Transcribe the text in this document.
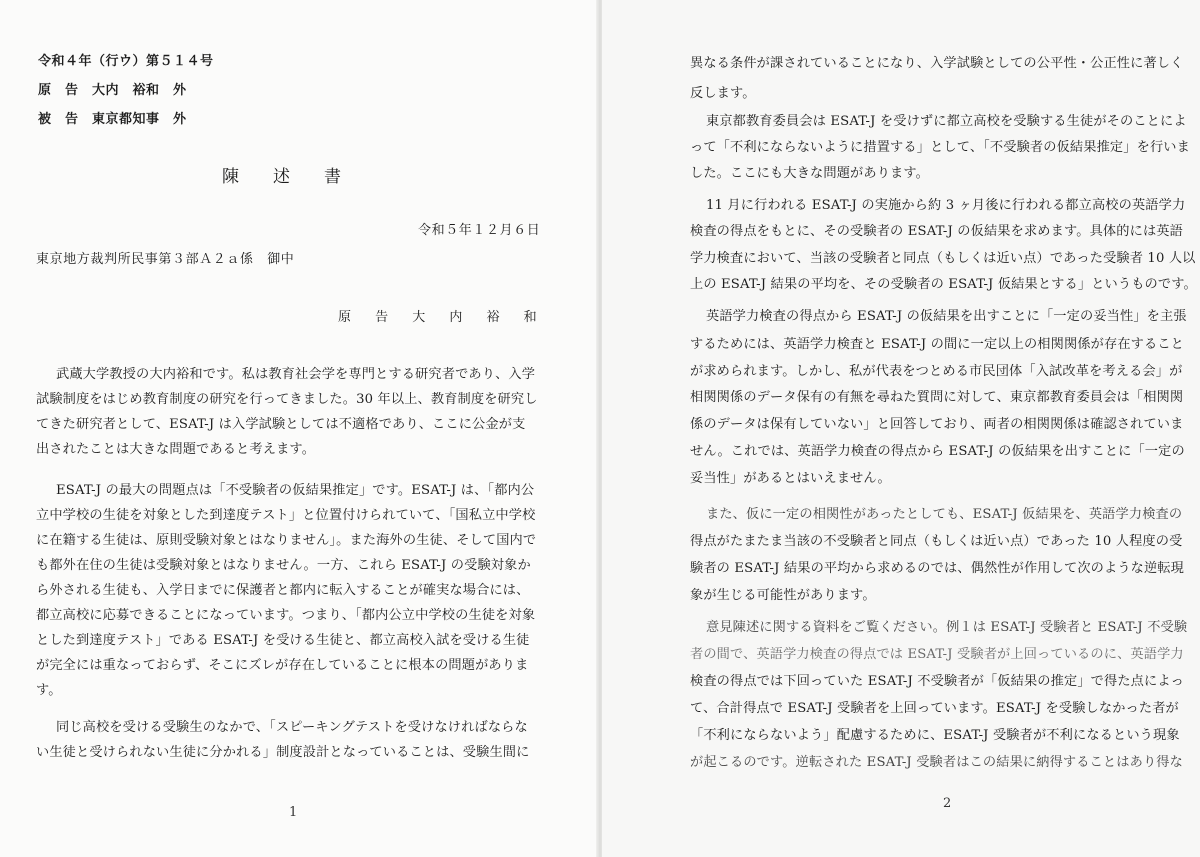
令和４年（行ウ）第５１４号
原　告　大内　裕和　外
被　告　東京都知事　外
陳述書
令和５年１２月６日
東京地方裁判所民事第３部Ａ２ａ係　御中
原 告 大 内 裕 和
武蔵大学教授の大内裕和です。私は教育社会学を専門とする研究者であり、入学
試験制度をはじめ教育制度の研究を行ってきました。30 年以上、教育制度を研究し
てきた研究者として、ESAT-J は入学試験としては不適格であり、ここに公金が支
出されたことは大きな問題であると考えます。
ESAT-J の最大の問題点は「不受験者の仮結果推定」です。ESAT-J は、「都内公
立中学校の生徒を対象とした到達度テスト」と位置付けられていて、「国私立中学校
に在籍する生徒は、原則受験対象とはなりません」。また海外の生徒、そして国内で
も都外在住の生徒は受験対象とはなりません。一方、これら ESAT-J の受験対象か
ら外される生徒も、入学日までに保護者と都内に転入することが確実な場合には、
都立高校に応募できることになっています。つまり、「都内公立中学校の生徒を対象
とした到達度テスト」である ESAT-J を受ける生徒と、都立高校入試を受ける生徒
が完全には重なっておらず、そこにズレが存在していることに根本の問題がありま
す。
同じ高校を受ける受験生のなかで、「スピーキングテストを受けなければならな
い生徒と受けられない生徒に分かれる」制度設計となっていることは、受験生間に
1
異なる条件が課されていることになり、入学試験としての公平性・公正性に著しく
反します。
東京都教育委員会は ESAT-J を受けずに都立高校を受験する生徒がそのことによ
って「不利にならないように措置する」として、「不受験者の仮結果推定」を行いま
した。ここにも大きな問題があります。
11 月に行われる ESAT-J の実施から約 3 ヶ月後に行われる都立高校の英語学力
検査の得点をもとに、その受験者の ESAT-J の仮結果を求めます。具体的には英語
学力検査において、当該の受験者と同点（もしくは近い点）であった受験者 10 人以
上の ESAT-J 結果の平均を、その受験者の ESAT-J 仮結果とする」というものです。
英語学力検査の得点から ESAT-J の仮結果を出すことに「一定の妥当性」を主張
するためには、英語学力検査と ESAT-J の間に一定以上の相関関係が存在すること
が求められます。しかし、私が代表をつとめる市民団体「入試改革を考える会」が
相関関係のデータ保有の有無を尋ねた質問に対して、東京都教育委員会は「相関関
係のデータは保有していない」と回答しており、両者の相関関係は確認されていま
せん。これでは、英語学力検査の得点から ESAT-J の仮結果を出すことに「一定の
妥当性」があるとはいえません。
また、仮に一定の相関性があったとしても、ESAT-J 仮結果を、英語学力検査の
得点がたまたま当該の不受験者と同点（もしくは近い点）であった 10 人程度の受
験者の ESAT-J 結果の平均から求めるのでは、偶然性が作用して次のような逆転現
象が生じる可能性があります。
意見陳述に関する資料をご覧ください。例１は ESAT-J 受験者と ESAT-J 不受験
者の間で、英語学力検査の得点では ESAT-J 受験者が上回っているのに、英語学力
検査の得点では下回っていた ESAT-J 不受験者が「仮結果の推定」で得た点によっ
て、合計得点で ESAT-J 受験者を上回っています。ESAT-J を受験しなかった者が
「不利にならないよう」配慮するために、ESAT-J 受験者が不利になるという現象
が起こるのです。逆転された ESAT-J 受験者はこの結果に納得することはあり得な
2
